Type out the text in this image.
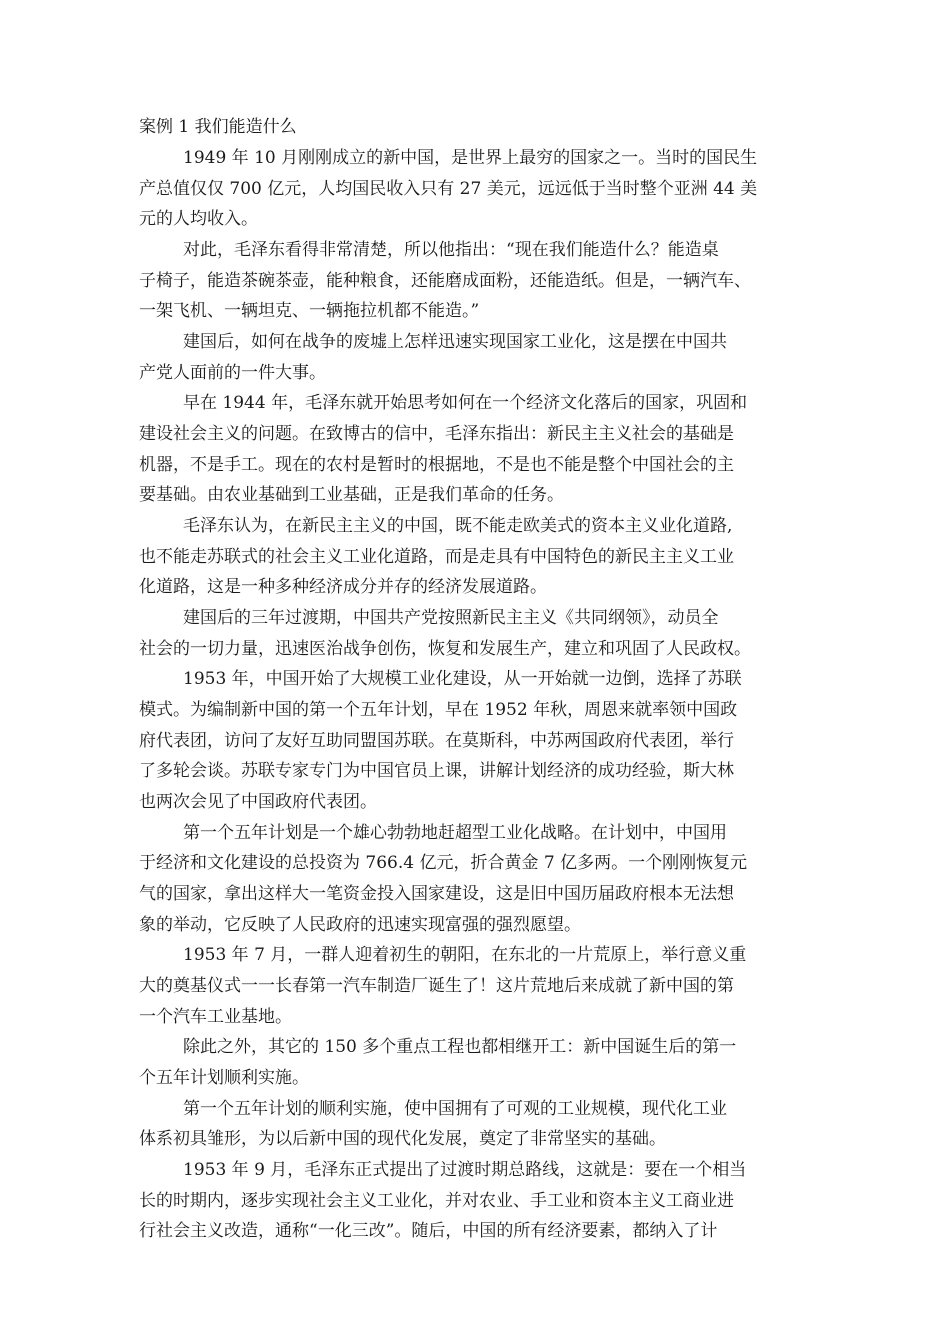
案例 1 我们能造什么
1949 年 10 月刚刚成立的新中国，是世界上最穷的国家之一。当时的国民生
产总值仅仅 700 亿元，人均国民收入只有 27 美元，远远低于当时整个亚洲 44 美
元的人均收入。
对此，毛泽东看得非常清楚，所以他指出：“现在我们能造什么？能造桌
子椅子，能造茶碗茶壶，能种粮食，还能磨成面粉，还能造纸。但是，一辆汽车、
一架飞机、一辆坦克、一辆拖拉机都不能造。”
建国后，如何在战争的废墟上怎样迅速实现国家工业化，这是摆在中国共
产党人面前的一件大事。
早在 1944 年，毛泽东就开始思考如何在一个经济文化落后的国家，巩固和
建设社会主义的问题。在致博古的信中，毛泽东指出：新民主主义社会的基础是
机器，不是手工。现在的农村是暂时的根据地，不是也不能是整个中国社会的主
要基础。由农业基础到工业基础，正是我们革命的任务。
毛泽东认为，在新民主主义的中国，既不能走欧美式的资本主义业化道路,
也不能走苏联式的社会主义工业化道路，而是走具有中国特色的新民主主义工业
化道路，这是一种多种经济成分并存的经济发展道路。
建国后的三年过渡期，中国共产党按照新民主主义《共同纲领》，动员全
社会的一切力量，迅速医治战争创伤，恢复和发展生产，建立和巩固了人民政权。
1953 年，中国开始了大规模工业化建设，从一开始就一边倒，选择了苏联
模式。为编制新中国的第一个五年计划，早在 1952 年秋，周恩来就率领中国政
府代表团，访问了友好互助同盟国苏联。在莫斯科，中苏两国政府代表团，举行
了多轮会谈。苏联专家专门为中国官员上课，讲解计划经济的成功经验，斯大林
也两次会见了中国政府代表团。
第一个五年计划是一个雄心勃勃地赶超型工业化战略。在计划中，中国用
于经济和文化建设的总投资为 766.4 亿元，折合黄金 7 亿多两。一个刚刚恢复元
气的国家，拿出这样大一笔资金投入国家建设，这是旧中国历届政府根本无法想
象的举动，它反映了人民政府的迅速实现富强的强烈愿望。
1953 年 7 月，一群人迎着初生的朝阳，在东北的一片荒原上，举行意义重
大的奠基仪式一一长春第一汽车制造厂诞生了！这片荒地后来成就了新中国的第
一个汽车工业基地。
除此之外，其它的 150 多个重点工程也都相继开工：新中国诞生后的第一
个五年计划顺利实施。
第一个五年计划的顺利实施，使中国拥有了可观的工业规模，现代化工业
体系初具雏形，为以后新中国的现代化发展，奠定了非常坚实的基础。
1953 年 9 月，毛泽东正式提出了过渡时期总路线，这就是：要在一个相当
长的时期内，逐步实现社会主义工业化，并对农业、手工业和资本主义工商业进
行社会主义改造，通称“一化三改”。随后，中国的所有经济要素，都纳入了计
